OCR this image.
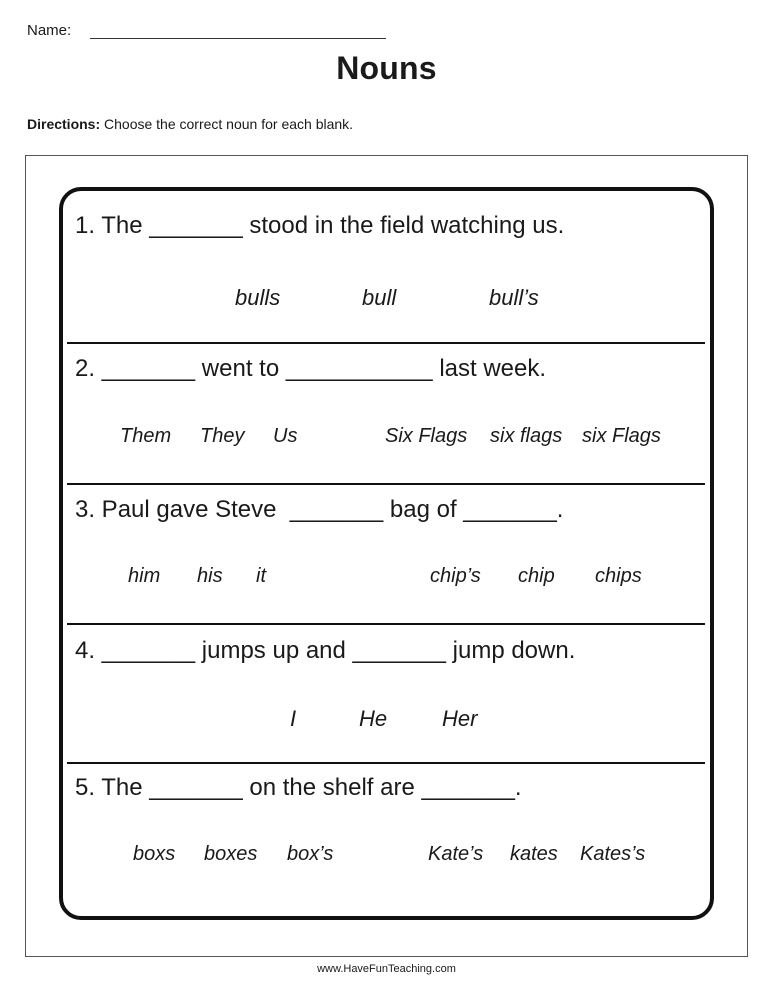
Name:
Nouns
Directions: Choose the correct noun for each blank.
1. The _______ stood in the field watching us.
bulls	bull	bull’s
2. _______ went to ___________ last week.
Them They Us	Six Flags six flags six Flags
3. Paul gave Steve  _______ bag of _______.
him his it	chip’s chip chips
4. _______ jumps up and _______ jump down.
I	He Her
5. The _______ on the shelf are _______.
boxs boxes box’s	Kate’s kates Kates’s
www.HaveFunTeaching.com
